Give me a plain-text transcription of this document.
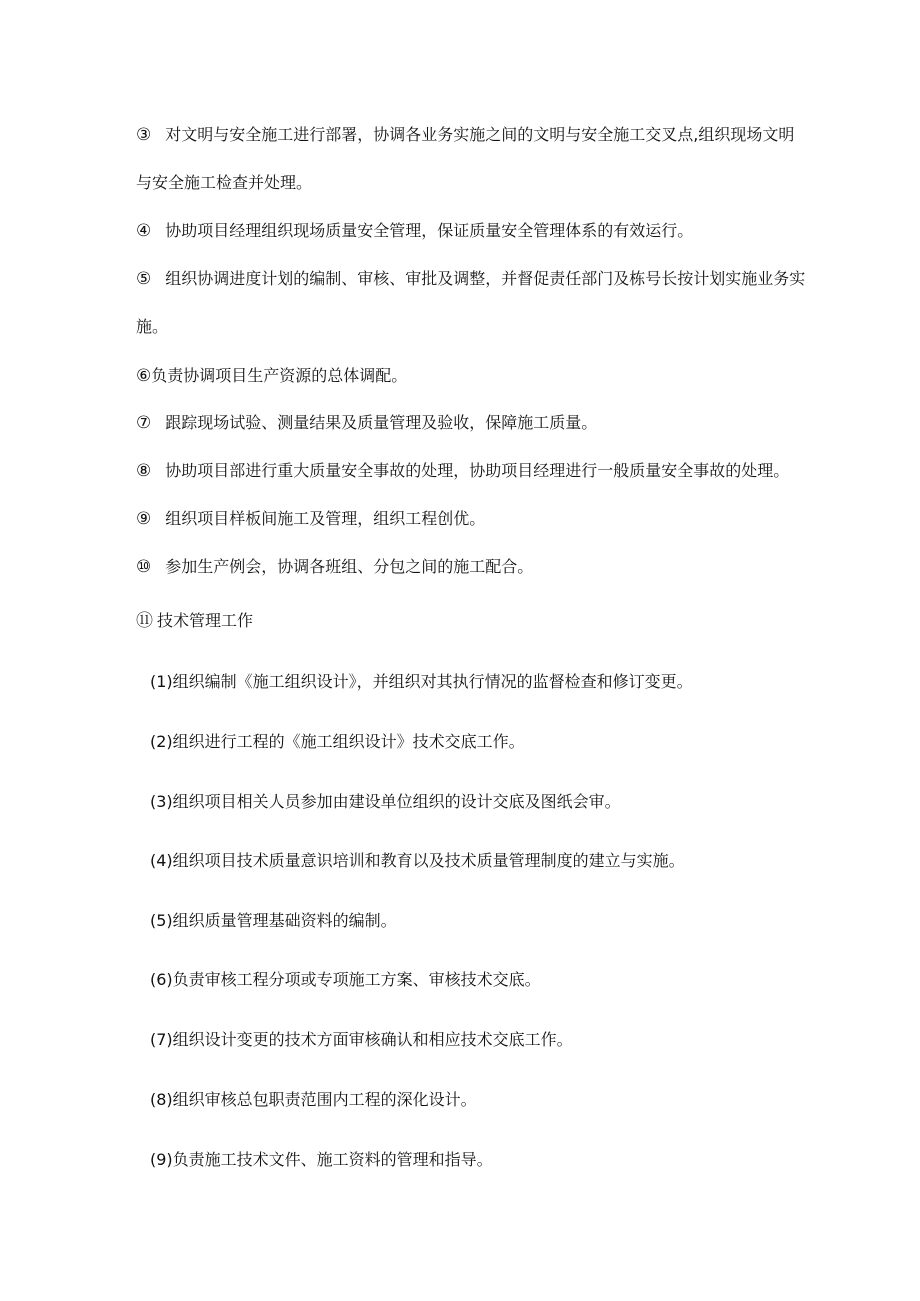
③ 对文明与安全施工进行部署，协调各业务实施之间的文明与安全施工交叉点,组织现场文明
与安全施工检查并处理。
④ 协助项目经理组织现场质量安全管理，保证质量安全管理体系的有效运行。
⑤ 组织协调进度计划的编制、审核、审批及调整，并督促责任部门及栋号长按计划实施业务实
施。
⑥负责协调项目生产资源的总体调配。
⑦ 跟踪现场试验、测量结果及质量管理及验收，保障施工质量。
⑧ 协助项目部进行重大质量安全事故的处理，协助项目经理进行一般质量安全事故的处理。
⑨ 组织项目样板间施工及管理，组织工程创优。
⑩ 参加生产例会，协调各班组、分包之间的施工配合。
⑪ 技术管理工作
(1)组织编制《施工组织设计》，并组织对其执行情况的监督检查和修订变更。
(2)组织进行工程的《施工组织设计》技术交底工作。
(3)组织项目相关人员参加由建设单位组织的设计交底及图纸会审。
(4)组织项目技术质量意识培训和教育以及技术质量管理制度的建立与实施。
(5)组织质量管理基础资料的编制。
(6)负责审核工程分项或专项施工方案、审核技术交底。
(7)组织设计变更的技术方面审核确认和相应技术交底工作。
(8)组织审核总包职责范围内工程的深化设计。
(9)负责施工技术文件、施工资料的管理和指导。
